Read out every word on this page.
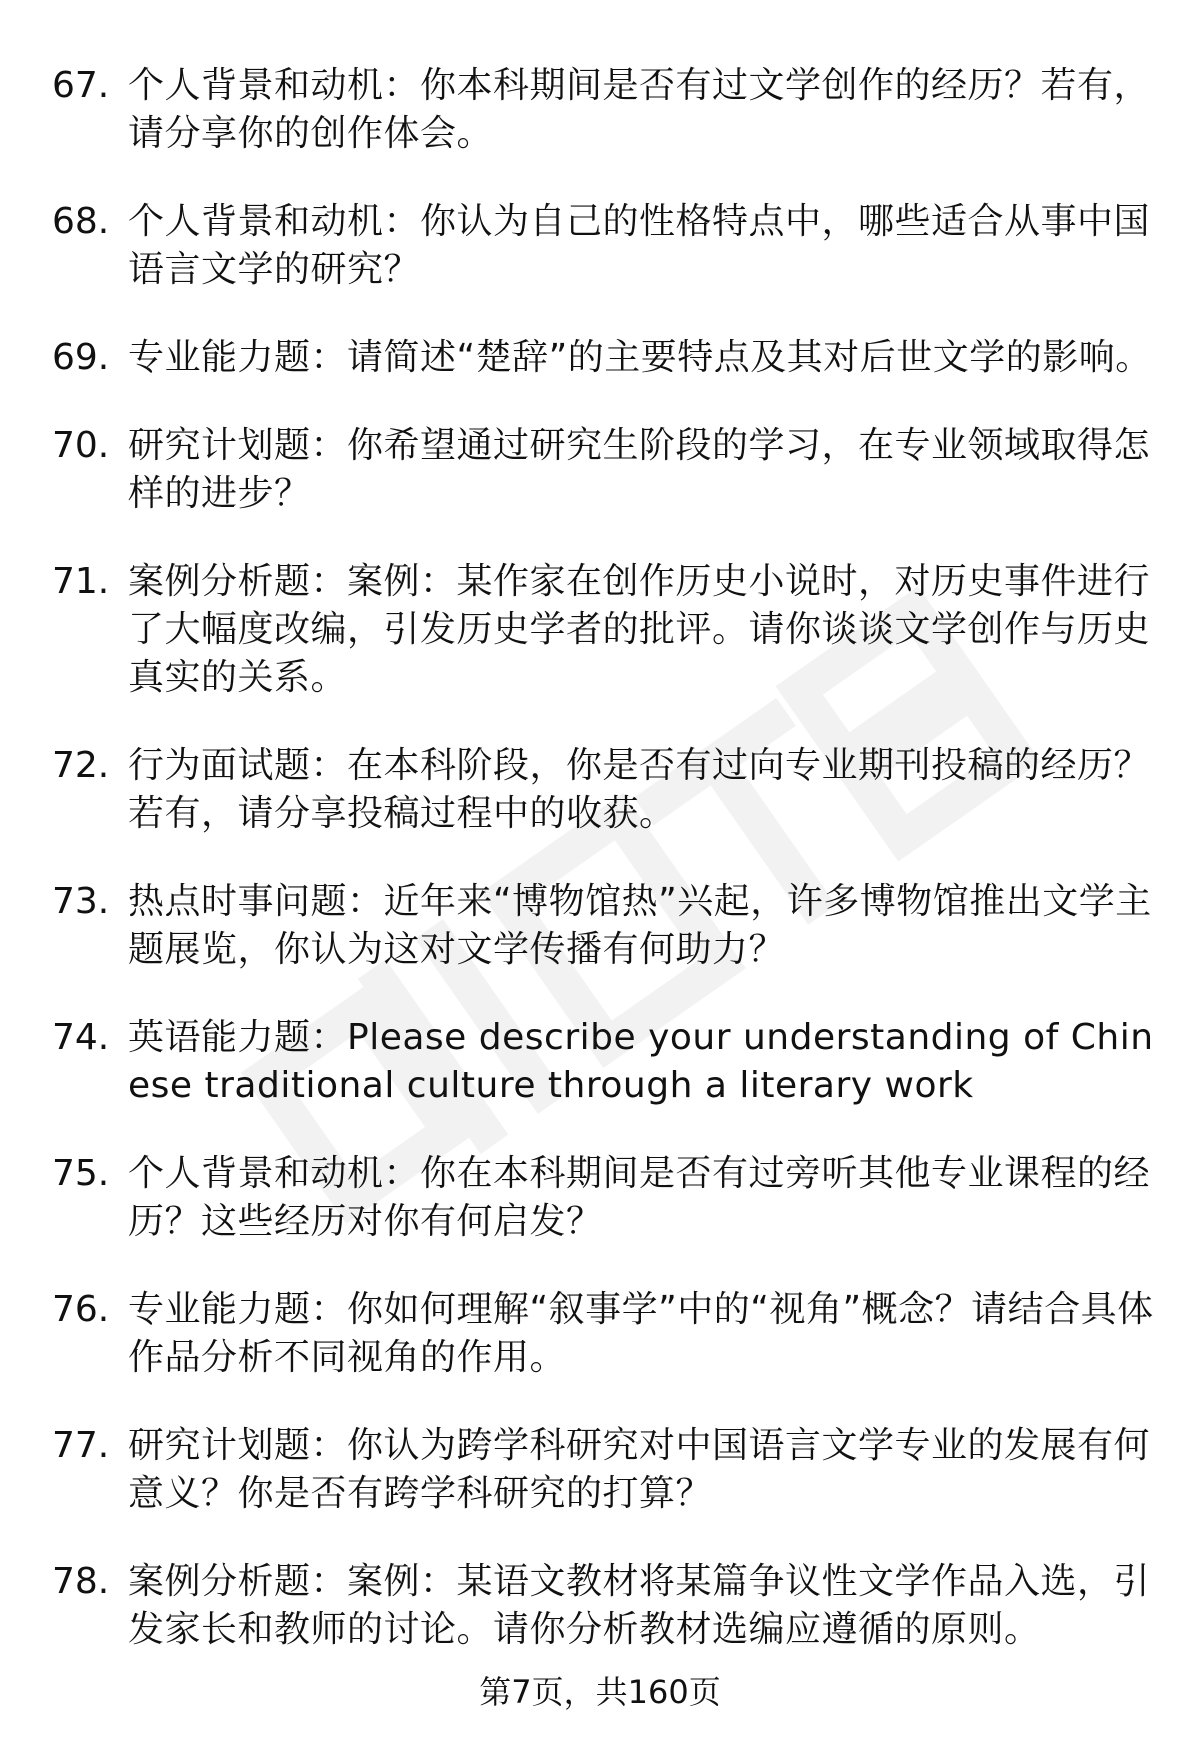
67. 个人背景和动机：你本科期间是否有过文学创作的经历？若有，请分享你的创作体会。
68. 个人背景和动机：你认为自己的性格特点中，哪些适合从事中国语言文学的研究？
69. 专业能力题：请简述“楚辞”的主要特点及其对后世文学的影响。
70. 研究计划题：你希望通过研究生阶段的学习，在专业领域取得怎样的进步？
71. 案例分析题：案例：某作家在创作历史小说时，对历史事件进行了大幅度改编，引发历史学者的批评。请你谈谈文学创作与历史真实的关系。
72. 行为面试题：在本科阶段，你是否有过向专业期刊投稿的经历？若有，请分享投稿过程中的收获。
73. 热点时事问题：近年来“博物馆热”兴起，许多博物馆推出文学主题展览，你认为这对文学传播有何助力？
74. 英语能力题：Please describe your understanding of Chinese traditional culture through a literary work
75. 个人背景和动机：你在本科期间是否有过旁听其他专业课程的经历？这些经历对你有何启发？
76. 专业能力题：你如何理解“叙事学”中的“视角”概念？请结合具体作品分析不同视角的作用。
77. 研究计划题：你认为跨学科研究对中国语言文学专业的发展有何意义？你是否有跨学科研究的打算？
78. 案例分析题：案例：某语文教材将某篇争议性文学作品入选，引发家长和教师的讨论。请你分析教材选编应遵循的原则。
第7页，共160页
